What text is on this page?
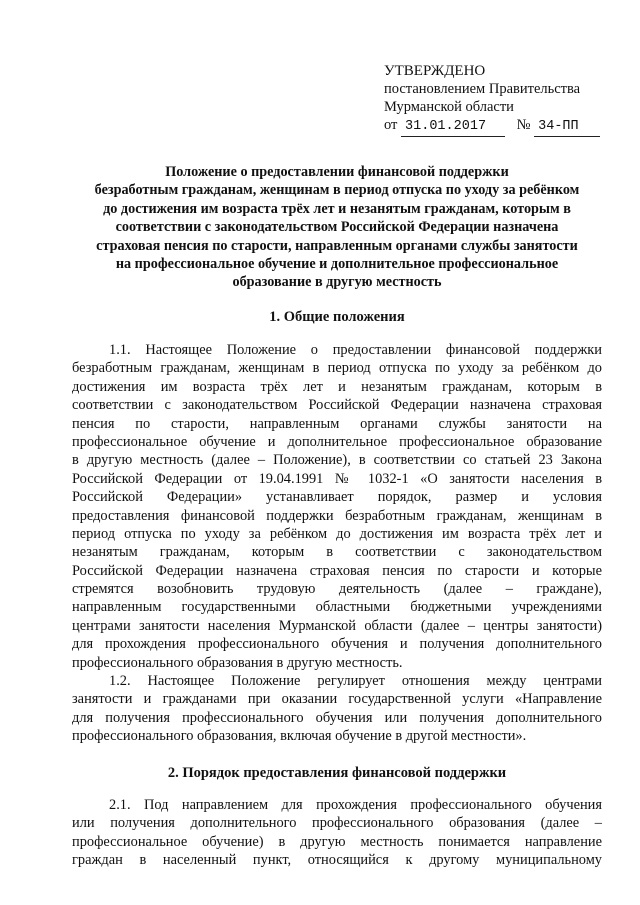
УТВЕРЖДЕНО
постановлением Правительства
Мурманской области
от 31.01.2017 № 34-ПП
Положение о предоставлении финансовой поддержки
безработным гражданам, женщинам в период отпуска по уходу за ребёнком
до достижения им возраста трёх лет и незанятым гражданам, которым в
соответствии с законодательством Российской Федерации назначена
страховая пенсия по старости, направленным органами службы занятости
на профессиональное обучение и дополнительное профессиональное
образование в другую местность
1. Общие положения
1.1. Настоящее Положение о предоставлении финансовой поддержки
безработным гражданам, женщинам в период отпуска по уходу за ребёнком до
достижения им возраста трёх лет и незанятым гражданам, которым в
соответствии с законодательством Российской Федерации назначена страховая
пенсия по старости, направленным органами службы занятости на
профессиональное обучение и дополнительное профессиональное образование
в другую местность (далее – Положение), в соответствии со статьей 23 Закона
Российской Федерации от 19.04.1991 № 1032-1 «О занятости населения в
Российской Федерации» устанавливает порядок, размер и условия
предоставления финансовой поддержки безработным гражданам, женщинам в
период отпуска по уходу за ребёнком до достижения им возраста трёх лет и
незанятым гражданам, которым в соответствии с законодательством
Российской Федерации назначена страховая пенсия по старости и которые
стремятся возобновить трудовую деятельность (далее – граждане),
направленным государственными областными бюджетными учреждениями
центрами занятости населения Мурманской области (далее – центры занятости)
для прохождения профессионального обучения и получения дополнительного
профессионального образования в другую местность.
1.2. Настоящее Положение регулирует отношения между центрами
занятости и гражданами при оказании государственной услуги «Направление
для получения профессионального обучения или получения дополнительного
профессионального образования, включая обучение в другой местности».
2. Порядок предоставления финансовой поддержки
2.1. Под направлением для прохождения профессионального обучения
или получения дополнительного профессионального образования (далее –
профессиональное обучение) в другую местность понимается направление
граждан в населенный пункт, относящийся к другому муниципальному
